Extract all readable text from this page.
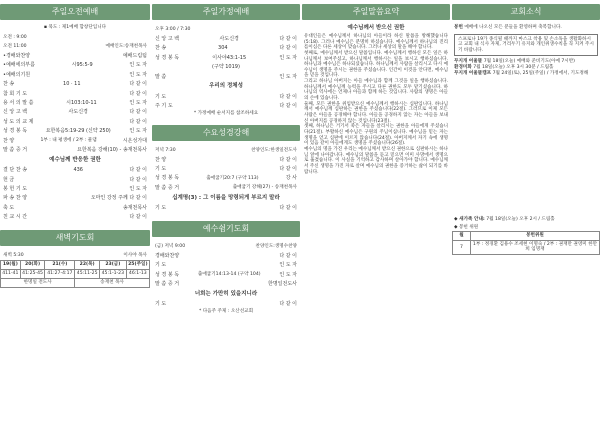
주일오전예배
▪ 묵도 : 제1예배 합창단입니다
오전 : 9:00
오전 11:00	예배인도:송재천목사
•경배와찬양	예배드림팀
•예배에의부름	시95:5-9	인 도 자
•예배의기원	인 도 자
찬 송	10 · 11	다 같 이
참 회 기 도	다 같 이
용 서 의 말 씀	시103:10-11	인 도 자
신 앙 고 백	사도신경	다 같 이
성 도 의 교 제	다 같 이
성 경 봉 독	요한복음5:19-29 (신약 250)	인 도 자
찬 양	1부 : 내 평생에 / 2부 : 물댐	시온성가대
말 씀 증 거	요한복음 강해(10) - 송재천목사
예수님께 반응한 권한
결 단 찬 송	436	다 같 이
헌 금	다 같 이
봉 헌 기 도	인 도 자
파 송 찬 양	오마인 강정 주께 다 같 이
축 도	송재천목사
친 교 시 간	다 같 이
새벽기도회
새벽 5:30	이사야 목사
19(월)	20(화)	21(수)	22(목)	23(금)	25(주일)
411-41	41:25-45	41:27-4:17	45:11-25	45:1-1-23	46:1-13
한명일 전도사			송재천 목사		
주일가정예배
오후 3:00 / 7:30
신 앙 고 백	사도신경	다 같 이
찬 송	304	다 같 이
성 경 봉 독	이사야43:1-15	인 도 자
(구약 1019)
말 씀	인 도 자
우리의 정체성
기 도	다 같 이
주 기 도	다 같 이
* 가정예배 순서지를 참조하세요
수요성경강해
저녁 7:30	찬양인도:한생일전도사
찬 양	다 같 이
기 도	다 같 이
성 경 봉 독	출애굽기20:7 (구약 113)	강 사
말 씀 증 거	출애굽기 강해(27) - 송재천목사
십계명(3) : 그 이름을 망령되게 부르지 말라
기 도	다 같 이
예수쉼기도회
(금) 저녁 9:00	찬양인도:생명수찬양
경배와찬양	다 같 이
기 도	인 도 자
성 경 봉 독	출애굽기14:13-14 (구약 104)	인 도 자
말 씀 증 거	한명일전도사
너희는 가만히 있을지니라
기 도	다 같 이
* 다음주 주제 : 오산선교회
주일말씀요약
예수님께서 받으신 권한

유대인들은 예수님께서 하나님의 아들이라 하신 말씀을 방해했습니다(5:18). 그러나 예수님은 분명히 하셨습니다. 예수님께서 하나님의 진리를이심은 다른 세상이 맞습니다. 그러나 세상의 말을 해야 합니다.

첫째로, 예수님께서 받으신 말씀입니다. 예수님께서 행하신 모든 일은 하나님께서 보여주셨고, 하나님께서 행하시는 일을 보시고 행하셨습니다. 하나님과 예수님은 하나되셨습니다. 하나님께서 사람을 살리시고 다시 예수님이 생명을 주시는 권한을 주셨습니다. 인간이 이것을 안다면, 예수님을 믿을 것입니다.

그리고 하나님 아버지는 아들 예수님과 함께 그것을 일을 행하셨습니다. 하나님께서 예수님께 능력을 주시고 다른 권한도 모두 맡기셨습니다. 하나님의 역사에는 언제나 아들과 함께 하는 것입니다. 사람의 생명은 아들의 손에 있습니다.

둘째, 모든 권한을 위임받으신 예수님께서 행하시는 심판입니다. 하나님께서 예수님께 심판하는 권한을 주셨습니다(22절). 그러므로 이제 모든 사람은 아들을 공경해야 합니다. 아들을 공경하지 않는 자는 아들을 보내신 아버지를 공경하지 않는 것입니다(23절).

셋째, 하나님은 거기서 죽은 자들을 살리시는 권한을 아들에게 주셨습니다(21절). 부활하신 예수님은 구원의 주님이십니다. 예수님을 믿는 자는 생명을 얻고 심판에 이르지 않습니다(24절). 아버지께서 자기 속에 생명이 있음 같이 아들에게도 생명을 주셨습니다(26절).

예수님의 명을 가진 우리는 예수님께서 받으신 권한으로 심판하시는 하나님 앞에 나아갑니다. 예수님의 말씀을 듣고 믿으면 이미 사망에서 생명으로 옮겼습니다. 이 사실을 기억하고 감사하며 살아가야 합니다. 예수님께서 주신 생명을 가진 자로 살며 예수님의 권한을 증거하는 삶이 되기를 바랍니다.

교회소식
봉헌 예배에 나오신 모든 분들을 환영하며 축복합니다.
스프로나 19가 종식될 때까지 마스크 착용 및 손소독을 생활화하시고 교회 내 식사 자제, 거리두기 유지와 개인위생수칙을 꼭 지켜 주시기 바랍니다.
무지개 어울뜰 7월 18일(오늘) 예배와 준비기도(아예 7시반)
환경미화 7월 18일(오늘) 오후 3시 30분 / 드림홀
무지개 어울뜰캠프 7월 24일(토), 25일(주일) / 가정에서, 기도정해
◆ 새가족 안내: 7월 18일(오늘) 오후 2시 / 드림홀
◆ 봉헌 위원
월	봉헌위원
7	1부 : 정경환 김용수 조세현 이명숙 / 2부 : 권재만 권영미 한만희 임명재
